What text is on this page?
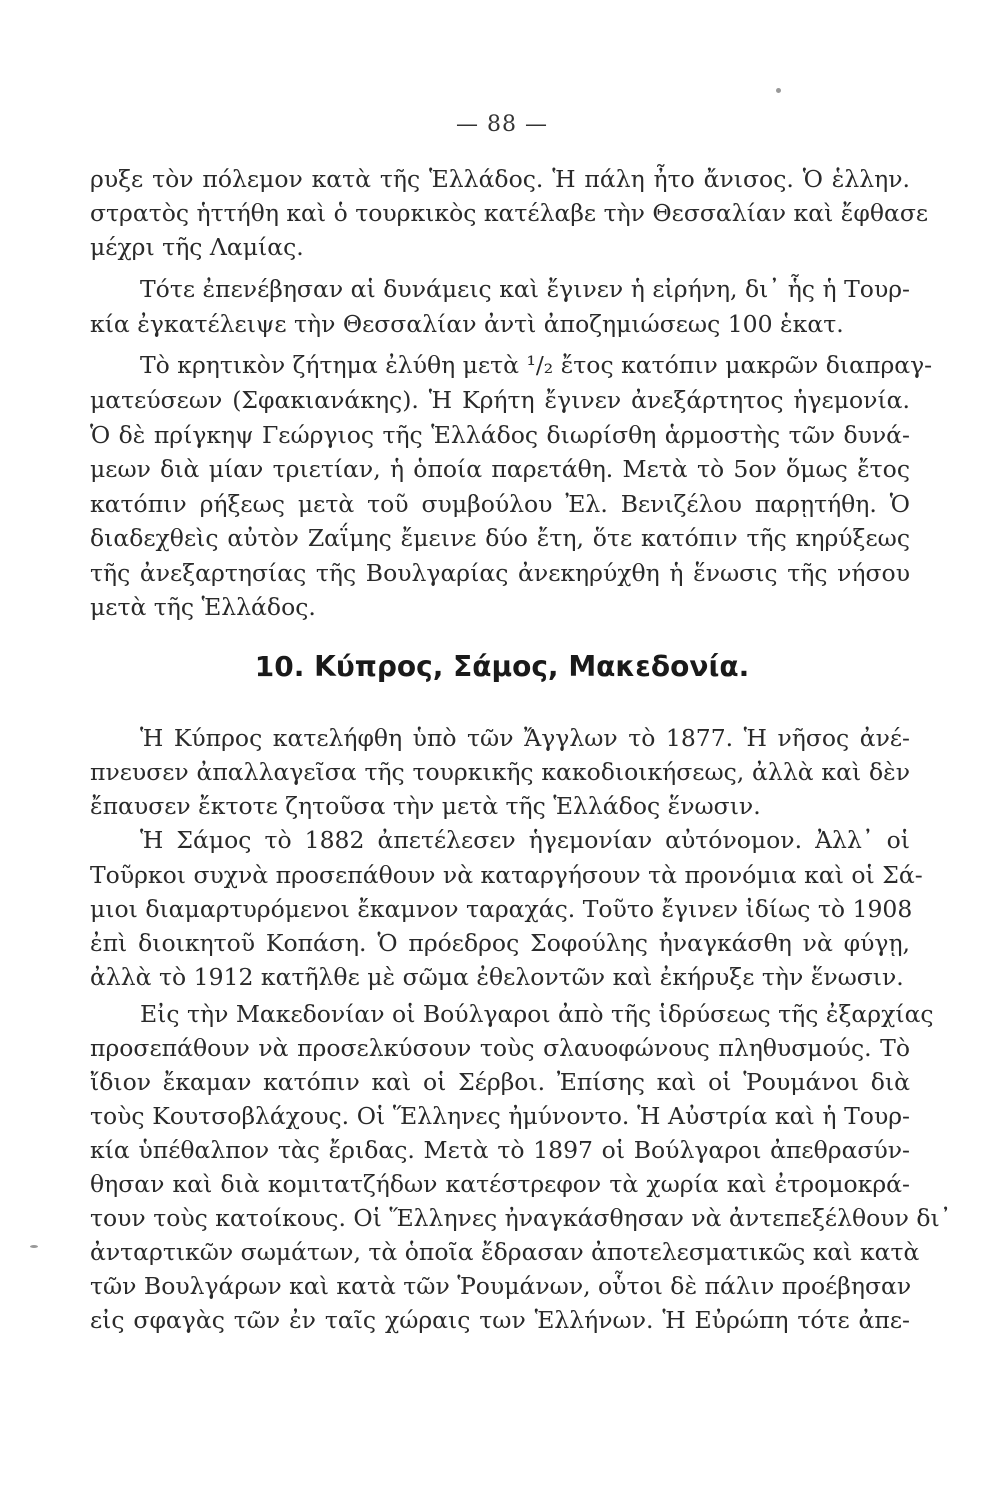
— 88 —
ρυξε τὸν πόλεμον κατὰ τῆς Ἑλλάδος. Ἡ πάλη ἦτο ἄνισος. Ὁ ἑλλην.
στρατὸς ἡττήθη καὶ ὁ τουρκικὸς κατέλαβε τὴν Θεσσαλίαν καὶ ἔφθασε
μέχρι τῆς Λαμίας.
Τότε ἐπενέβησαν αἱ δυνάμεις καὶ ἔγινεν ἡ εἰρήνη, δι᾿ ἧς ἡ Τουρ-
κία ἐγκατέλειψε τὴν Θεσσαλίαν ἀντὶ ἀποζημιώσεως 100 ἑκατ.
Τὸ κρητικὸν ζήτημα ἐλύθη μετὰ ¹/₂ ἔτος κατόπιν μακρῶν διαπραγ-
ματεύσεων (Σφακιανάκης). Ἡ Κρήτη ἔγινεν ἀνεξάρτητος ἡγεμονία.
Ὁ δὲ πρίγκηψ Γεώργιος τῆς Ἑλλάδος διωρίσθη ἁρμοστὴς τῶν δυνά-
μεων διὰ μίαν τριετίαν, ἡ ὁποία παρετάθη. Μετὰ τὸ 5ον ὅμως ἔτος
κατόπιν ρήξεως μετὰ τοῦ συμβούλου Ἐλ. Βενιζέλου παρῃτήθη. Ὁ
διαδεχθεὶς αὐτὸν Ζαΐμης ἔμεινε δύο ἔτη, ὅτε κατόπιν τῆς κηρύξεως
τῆς ἀνεξαρτησίας τῆς Βουλγαρίας ἀνεκηρύχθη ἡ ἕνωσις τῆς νήσου
μετὰ τῆς Ἑλλάδος.
10. Κύπρος, Σάμος, Μακεδονία.
Ἡ Κύπρος κατελήφθη ὑπὸ τῶν Ἄγγλων τὸ 1877. Ἡ νῆσος ἀνέ-
πνευσεν ἀπαλλαγεῖσα τῆς τουρκικῆς κακοδιοικήσεως, ἀλλὰ καὶ δὲν
ἔπαυσεν ἔκτοτε ζητοῦσα τὴν μετὰ τῆς Ἑλλάδος ἕνωσιν.
Ἡ Σάμος τὸ 1882 ἀπετέλεσεν ἡγεμονίαν αὐτόνομον. Ἀλλ᾿ οἱ
Τοῦρκοι συχνὰ προσεπάθουν νὰ καταργήσουν τὰ προνόμια καὶ οἱ Σά-
μιοι διαμαρτυρόμενοι ἔκαμνον ταραχάς. Τοῦτο ἔγινεν ἰδίως τὸ 1908
ἐπὶ διοικητοῦ Κοπάση. Ὁ πρόεδρος Σοφούλης ἠναγκάσθη νὰ φύγῃ,
ἀλλὰ τὸ 1912 κατῆλθε μὲ σῶμα ἐθελοντῶν καὶ ἐκήρυξε τὴν ἕνωσιν.
Εἰς τὴν Μακεδονίαν οἱ Βούλγαροι ἀπὸ τῆς ἱδρύσεως τῆς ἐξαρχίας
προσεπάθουν νὰ προσελκύσουν τοὺς σλαυοφώνους πληθυσμούς. Τὸ
ἴδιον ἔκαμαν κατόπιν καὶ οἱ Σέρβοι. Ἐπίσης καὶ οἱ Ῥουμάνοι διὰ
τοὺς Κουτσοβλάχους. Οἱ Ἕλληνες ἠμύνοντο. Ἡ Αὐστρία καὶ ἡ Τουρ-
κία ὑπέθαλπον τὰς ἔριδας. Μετὰ τὸ 1897 οἱ Βούλγαροι ἀπεθρασύν-
θησαν καὶ διὰ κομιτατζήδων κατέστρεφον τὰ χωρία καὶ ἐτρομοκρά-
τουν τοὺς κατοίκους. Οἱ Ἕλληνες ἠναγκάσθησαν νὰ ἀντεπεξέλθουν δι᾿
ἀνταρτικῶν σωμάτων, τὰ ὁποῖα ἔδρασαν ἀποτελεσματικῶς καὶ κατὰ
τῶν Βουλγάρων καὶ κατὰ τῶν Ῥουμάνων, οὗτοι δὲ πάλιν προέβησαν
εἰς σφαγὰς τῶν ἐν ταῖς χώραις των Ἑλλήνων. Ἡ Εὐρώπη τότε ἀπε-
